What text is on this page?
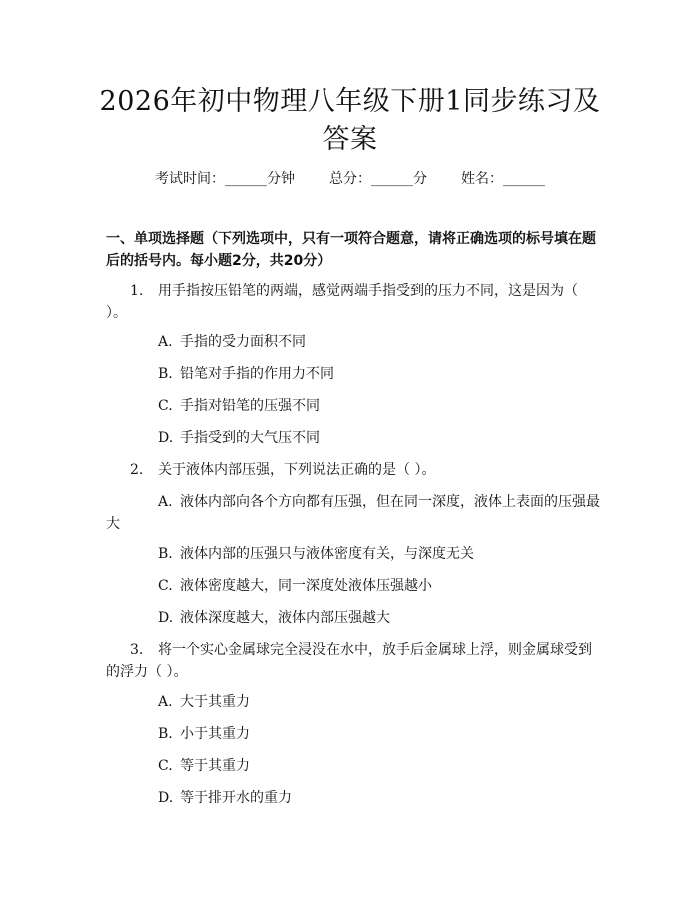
2026年初中物理八年级下册1同步练习及答案
考试时间：______分钟 总分：______分 姓名：______
一、单项选择题（下列选项中，只有一项符合题意，请将正确选项的标号填在题后的括号内。每小题2分，共20分）
1. 用手指按压铅笔的两端，感觉两端手指受到的压力不同，这是因为（ ）。
A. 手指的受力面积不同
B. 铅笔对手指的作用力不同
C. 手指对铅笔的压强不同
D. 手指受到的大气压不同
2. 关于液体内部压强，下列说法正确的是（ ）。
A. 液体内部向各个方向都有压强，但在同一深度，液体上表面的压强最大
B. 液体内部的压强只与液体密度有关，与深度无关
C. 液体密度越大，同一深度处液体压强越小
D. 液体深度越大，液体内部压强越大
3. 将一个实心金属球完全浸没在水中，放手后金属球上浮，则金属球受到的浮力（ ）。
A. 大于其重力
B. 小于其重力
C. 等于其重力
D. 等于排开水的重力
